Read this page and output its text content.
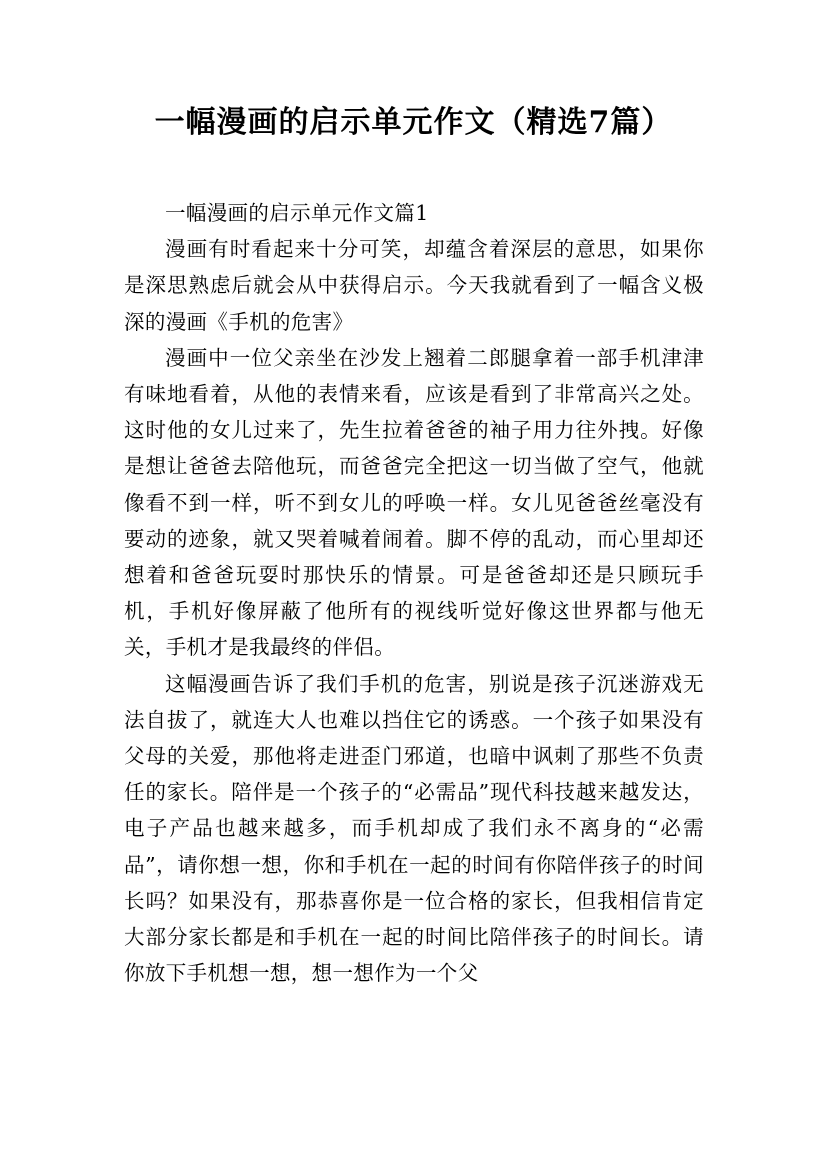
一幅漫画的启示单元作文（精选7篇）

一幅漫画的启示单元作文篇1

漫画有时看起来十分可笑，却蕴含着深层的意思，如果你是深思熟虑后就会从中获得启示。今天我就看到了一幅含义极深的漫画《手机的危害》

漫画中一位父亲坐在沙发上翘着二郎腿拿着一部手机津津有味地看着，从他的表情来看，应该是看到了非常高兴之处。这时他的女儿过来了，先生拉着爸爸的袖子用力往外拽。好像是想让爸爸去陪他玩，而爸爸完全把这一切当做了空气，他就像看不到一样，听不到女儿的呼唤一样。女儿见爸爸丝毫没有要动的迹象，就又哭着喊着闹着。脚不停的乱动，而心里却还想着和爸爸玩耍时那快乐的情景。可是爸爸却还是只顾玩手机，手机好像屏蔽了他所有的视线听觉好像这世界都与他无关，手机才是我最终的伴侣。

这幅漫画告诉了我们手机的危害，别说是孩子沉迷游戏无法自拔了，就连大人也难以挡住它的诱惑。一个孩子如果没有父母的关爱，那他将走进歪门邪道，也暗中讽刺了那些不负责任的家长。陪伴是一个孩子的“必需品”现代科技越来越发达，电子产品也越来越多，而手机却成了我们永不离身的“必需品”，请你想一想，你和手机在一起的时间有你陪伴孩子的时间长吗？如果没有，那恭喜你是一位合格的家长，但我相信肯定大部分家长都是和手机在一起的时间比陪伴孩子的时间长。请你放下手机想一想，想一想作为一个父
